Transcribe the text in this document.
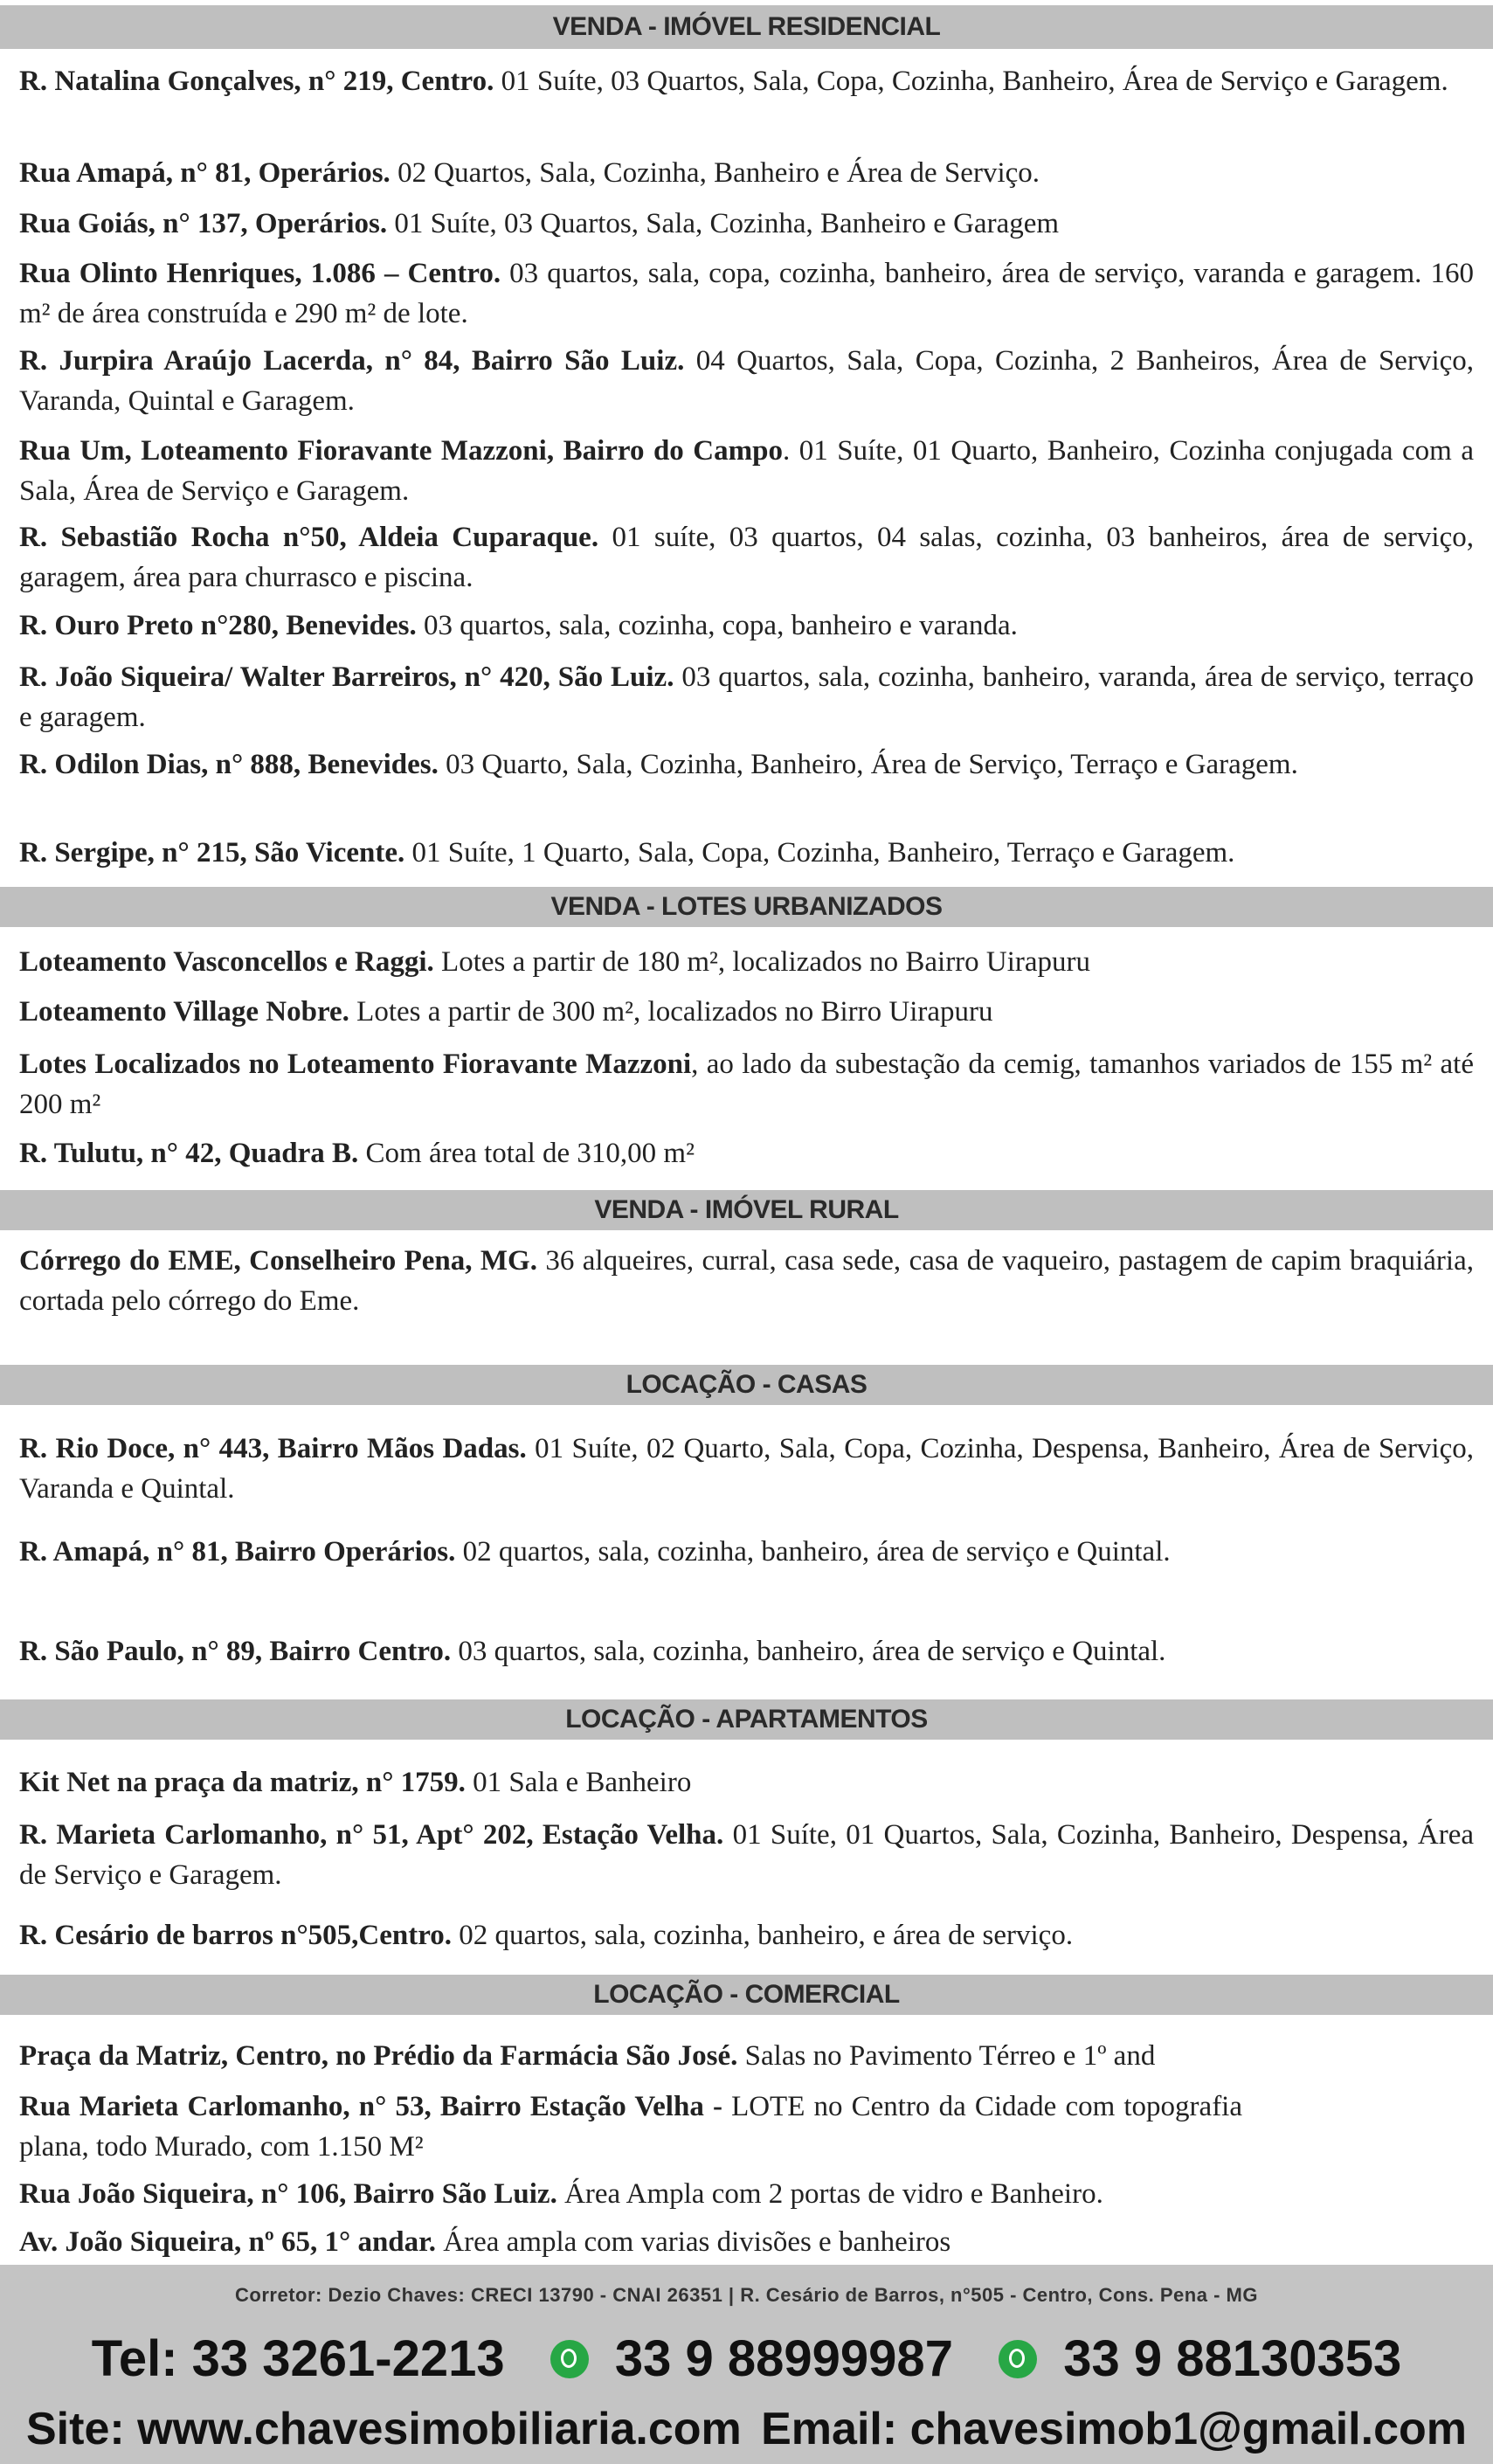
VENDA - IMÓVEL RESIDENCIAL
R. Natalina Gonçalves, n° 219, Centro. 01 Suíte, 03 Quartos, Sala, Copa, Cozinha, Banheiro, Área de Serviço e Garagem.
Rua Amapá, n° 81, Operários. 02 Quartos, Sala, Cozinha, Banheiro e Área de Serviço.
Rua Goiás, n° 137, Operários. 01 Suíte, 03 Quartos, Sala, Cozinha, Banheiro e Garagem
Rua Olinto Henriques, 1.086 – Centro. 03 quartos, sala, copa, cozinha, banheiro, área de serviço, varanda e garagem. 160 m² de área construída e 290 m² de lote.
R. Jurpira Araújo Lacerda, n° 84, Bairro São Luiz. 04 Quartos, Sala, Copa, Cozinha, 2 Banheiros, Área de Serviço, Varanda, Quintal e Garagem.
Rua Um, Loteamento Fioravante Mazzoni, Bairro do Campo. 01 Suíte, 01 Quarto, Banheiro, Cozinha conjugada com a Sala, Área de Serviço e Garagem.
R. Sebastião Rocha n°50, Aldeia Cuparaque. 01 suíte, 03 quartos, 04 salas, cozinha, 03 banheiros, área de serviço, garagem, área para churrasco e piscina.
R. Ouro Preto n°280, Benevides. 03 quartos, sala, cozinha, copa, banheiro e varanda.
R. João Siqueira/ Walter Barreiros, n° 420, São Luiz. 03 quartos, sala, cozinha, banheiro, varanda, área de serviço, terraço e garagem.
R. Odilon Dias, n° 888, Benevides. 03 Quarto, Sala, Cozinha, Banheiro, Área de Serviço, Terraço e Garagem.
R. Sergipe, n° 215, São Vicente. 01 Suíte, 1 Quarto, Sala, Copa, Cozinha, Banheiro, Terraço e Garagem.
VENDA - LOTES URBANIZADOS
Loteamento Vasconcellos e Raggi. Lotes a partir de 180 m², localizados no Bairro Uirapuru
Loteamento Village Nobre. Lotes a partir de 300 m², localizados no Birro Uirapuru
Lotes Localizados no Loteamento Fioravante Mazzoni, ao lado da subestação da cemig, tamanhos variados de 155 m² até 200 m²
R. Tulutu, n° 42, Quadra B. Com área total de 310,00 m²
VENDA - IMÓVEL RURAL
Córrego do EME, Conselheiro Pena, MG. 36 alqueires, curral, casa sede, casa de vaqueiro, pastagem de capim braquiária, cortada pelo córrego do Eme.
LOCAÇÃO - CASAS
R. Rio Doce, n° 443, Bairro Mãos Dadas. 01 Suíte, 02 Quarto, Sala, Copa, Cozinha, Despensa, Banheiro, Área de Serviço, Varanda e Quintal.
R. Amapá, n° 81, Bairro Operários. 02 quartos, sala, cozinha, banheiro, área de serviço e Quintal.
R. São Paulo, n° 89, Bairro Centro. 03 quartos, sala, cozinha, banheiro, área de serviço e Quintal.
LOCAÇÃO - APARTAMENTOS
Kit Net na praça da matriz, n° 1759. 01 Sala e Banheiro
R. Marieta Carlomanho, n° 51, Apt° 202, Estação Velha. 01 Suíte, 01 Quartos, Sala, Cozinha, Banheiro, Despensa, Área de Serviço e Garagem.
R. Cesário de barros n°505,Centro. 02 quartos, sala, cozinha, banheiro, e área de serviço.
LOCAÇÃO - COMERCIAL
Praça da Matriz, Centro, no Prédio da Farmácia São José. Salas no Pavimento Térreo e 1º and
Rua Marieta Carlomanho, n° 53, Bairro Estação Velha - LOTE no Centro da Cidade com topografia plana, todo Murado, com 1.150 M²
Rua João Siqueira, n° 106, Bairro São Luiz. Área Ampla com 2 portas de vidro e Banheiro.
Av. João Siqueira, nº 65, 1° andar. Área ampla com varias divisões e banheiros
Corretor: Dezio Chaves: CRECI 13790 - CNAI 26351 | R. Cesário de Barros, n°505 - Centro, Cons. Pena - MG
Tel: 33 3261-2213 33 9 88999987 33 9 88130353
Site: www.chavesimobiliaria.com Email: chavesimob1@gmail.com
